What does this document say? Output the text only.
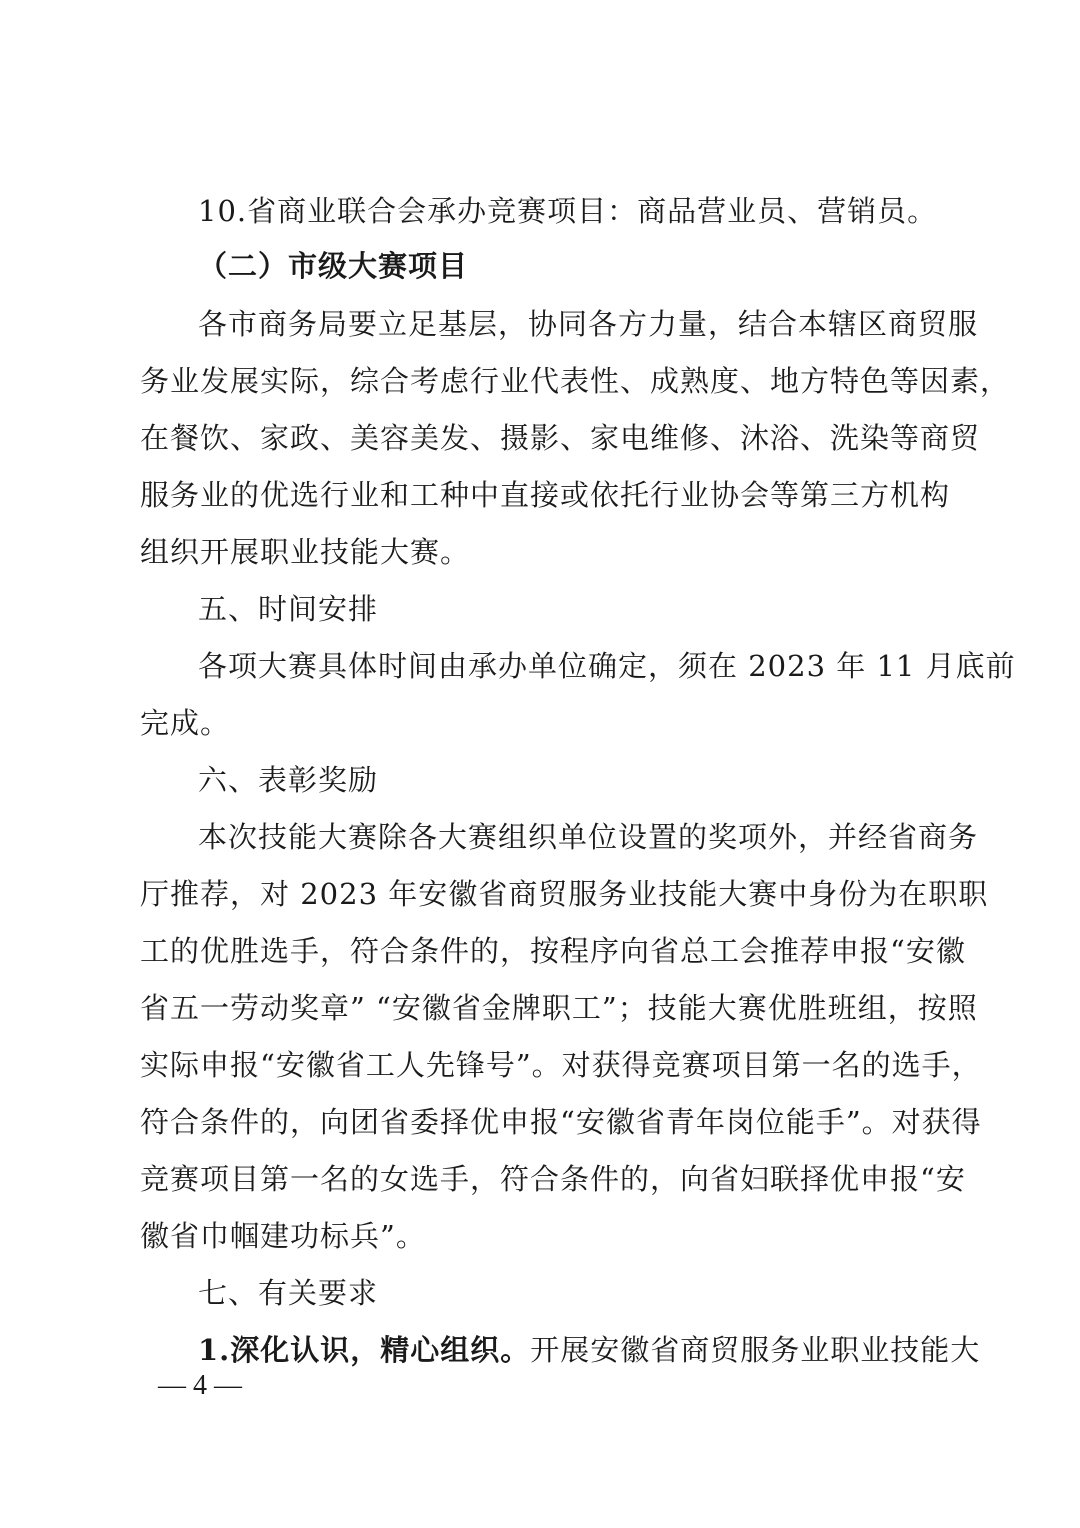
10.省商业联合会承办竞赛项目：商品营业员、营销员。
（二）市级大赛项目
各市商务局要立足基层，协同各方力量，结合本辖区商贸服
务业发展实际，综合考虑行业代表性、成熟度、地方特色等因素，
在餐饮、家政、美容美发、摄影、家电维修、沐浴、洗染等商贸
服务业的优选行业和工种中直接或依托行业协会等第三方机构
组织开展职业技能大赛。
五、时间安排
各项大赛具体时间由承办单位确定，须在 2023 年 11 月底前
完成。
六、表彰奖励
本次技能大赛除各大赛组织单位设置的奖项外，并经省商务
厅推荐，对 2023 年安徽省商贸服务业技能大赛中身份为在职职
工的优胜选手，符合条件的，按程序向省总工会推荐申报“安徽
省五一劳动奖章” “安徽省金牌职工”；技能大赛优胜班组，按照
实际申报“安徽省工人先锋号”。对获得竞赛项目第一名的选手，
符合条件的，向团省委择优申报“安徽省青年岗位能手”。对获得
竞赛项目第一名的女选手，符合条件的，向省妇联择优申报“安
徽省巾帼建功标兵”。
七、有关要求
1.深化认识，精心组织。 开展安徽省商贸服务业职业技能大
— 4 —
